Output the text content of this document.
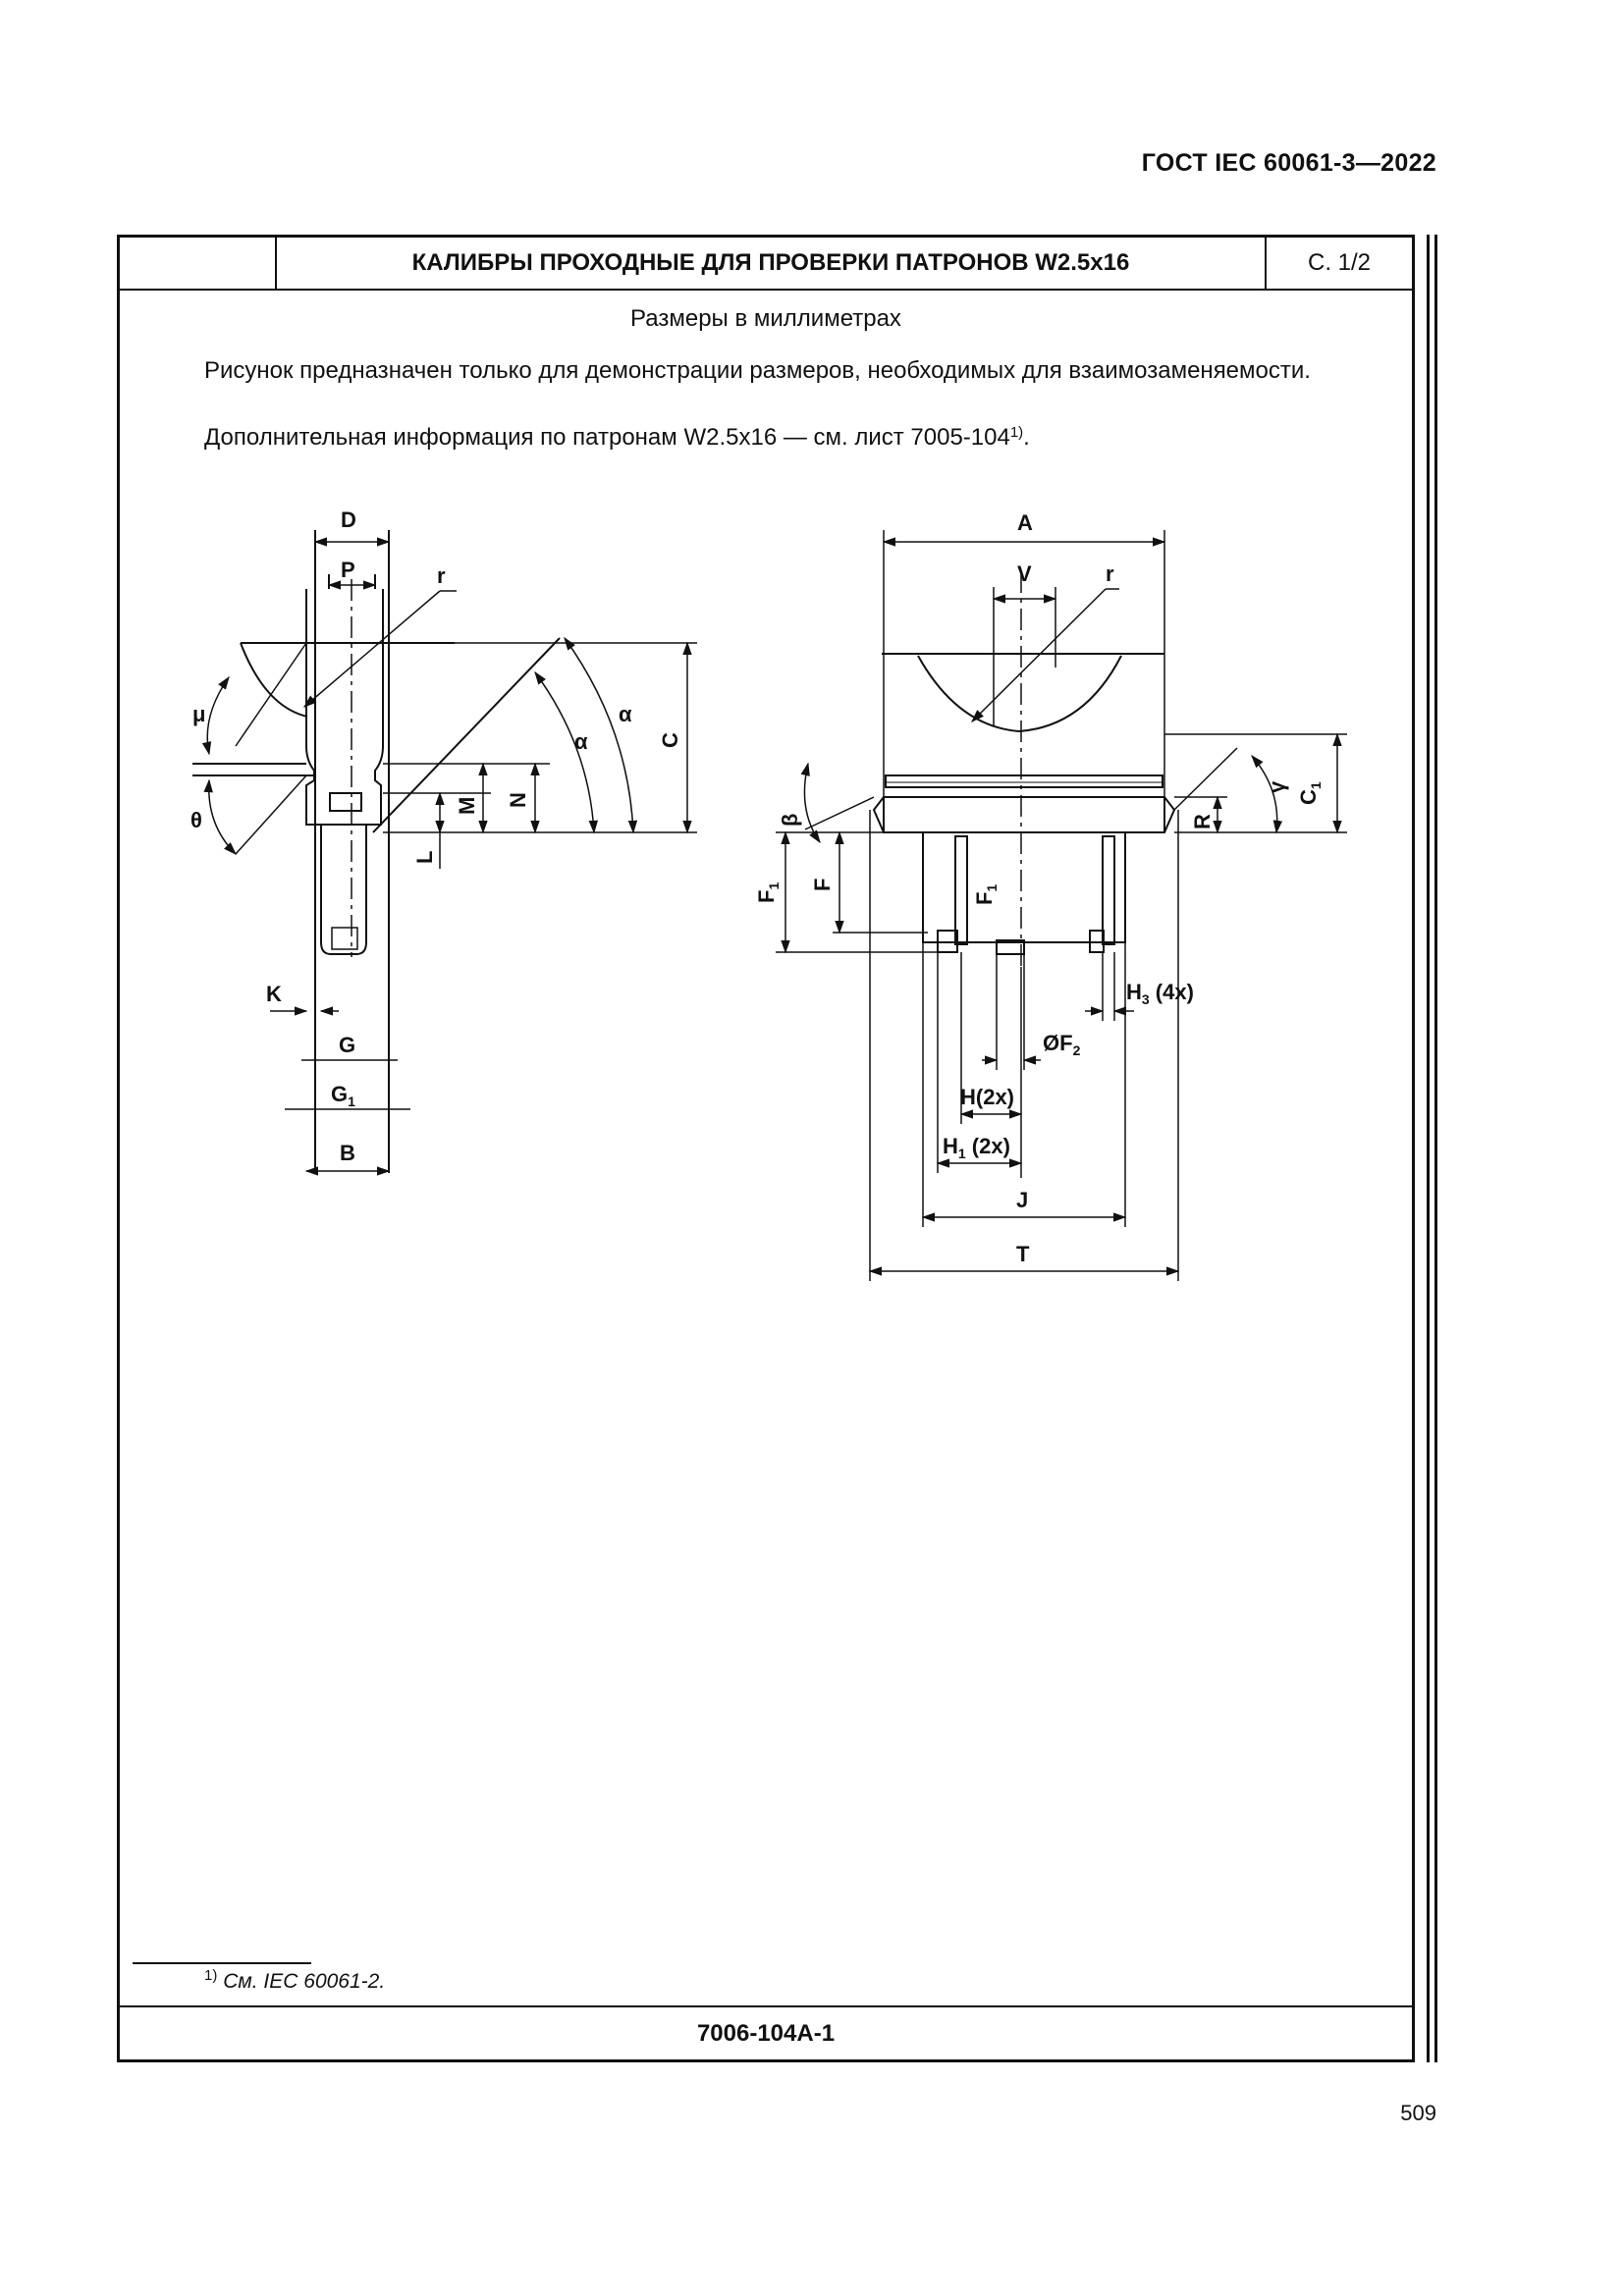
ГОСТ IEC 60061-3—2022
КАЛИБРЫ ПРОХОДНЫЕ ДЛЯ ПРОВЕРКИ ПАТРОНОВ W2.5x16	С. 1/2
Размеры в миллиметрах
Рисунок предназначен только для демонстрации размеров, необходимых для взаимозаменяемости.
Дополнительная информация по патронам W2.5x16 — см. лист 7005-104$^{1)}$.
$^{1)}$ См. IEC 60061-2.
7006-104A-1
D
P	r
μ
θ
α
α
C
N
M
L
K
G
$G_1$
B
A
V	r
$C_1$
γ
R
β
$F_1$ F
$F_1$
$H_3$ (4x)
$ØF_2$
H(2x)
$H_1$ (2x)
J
T
509
